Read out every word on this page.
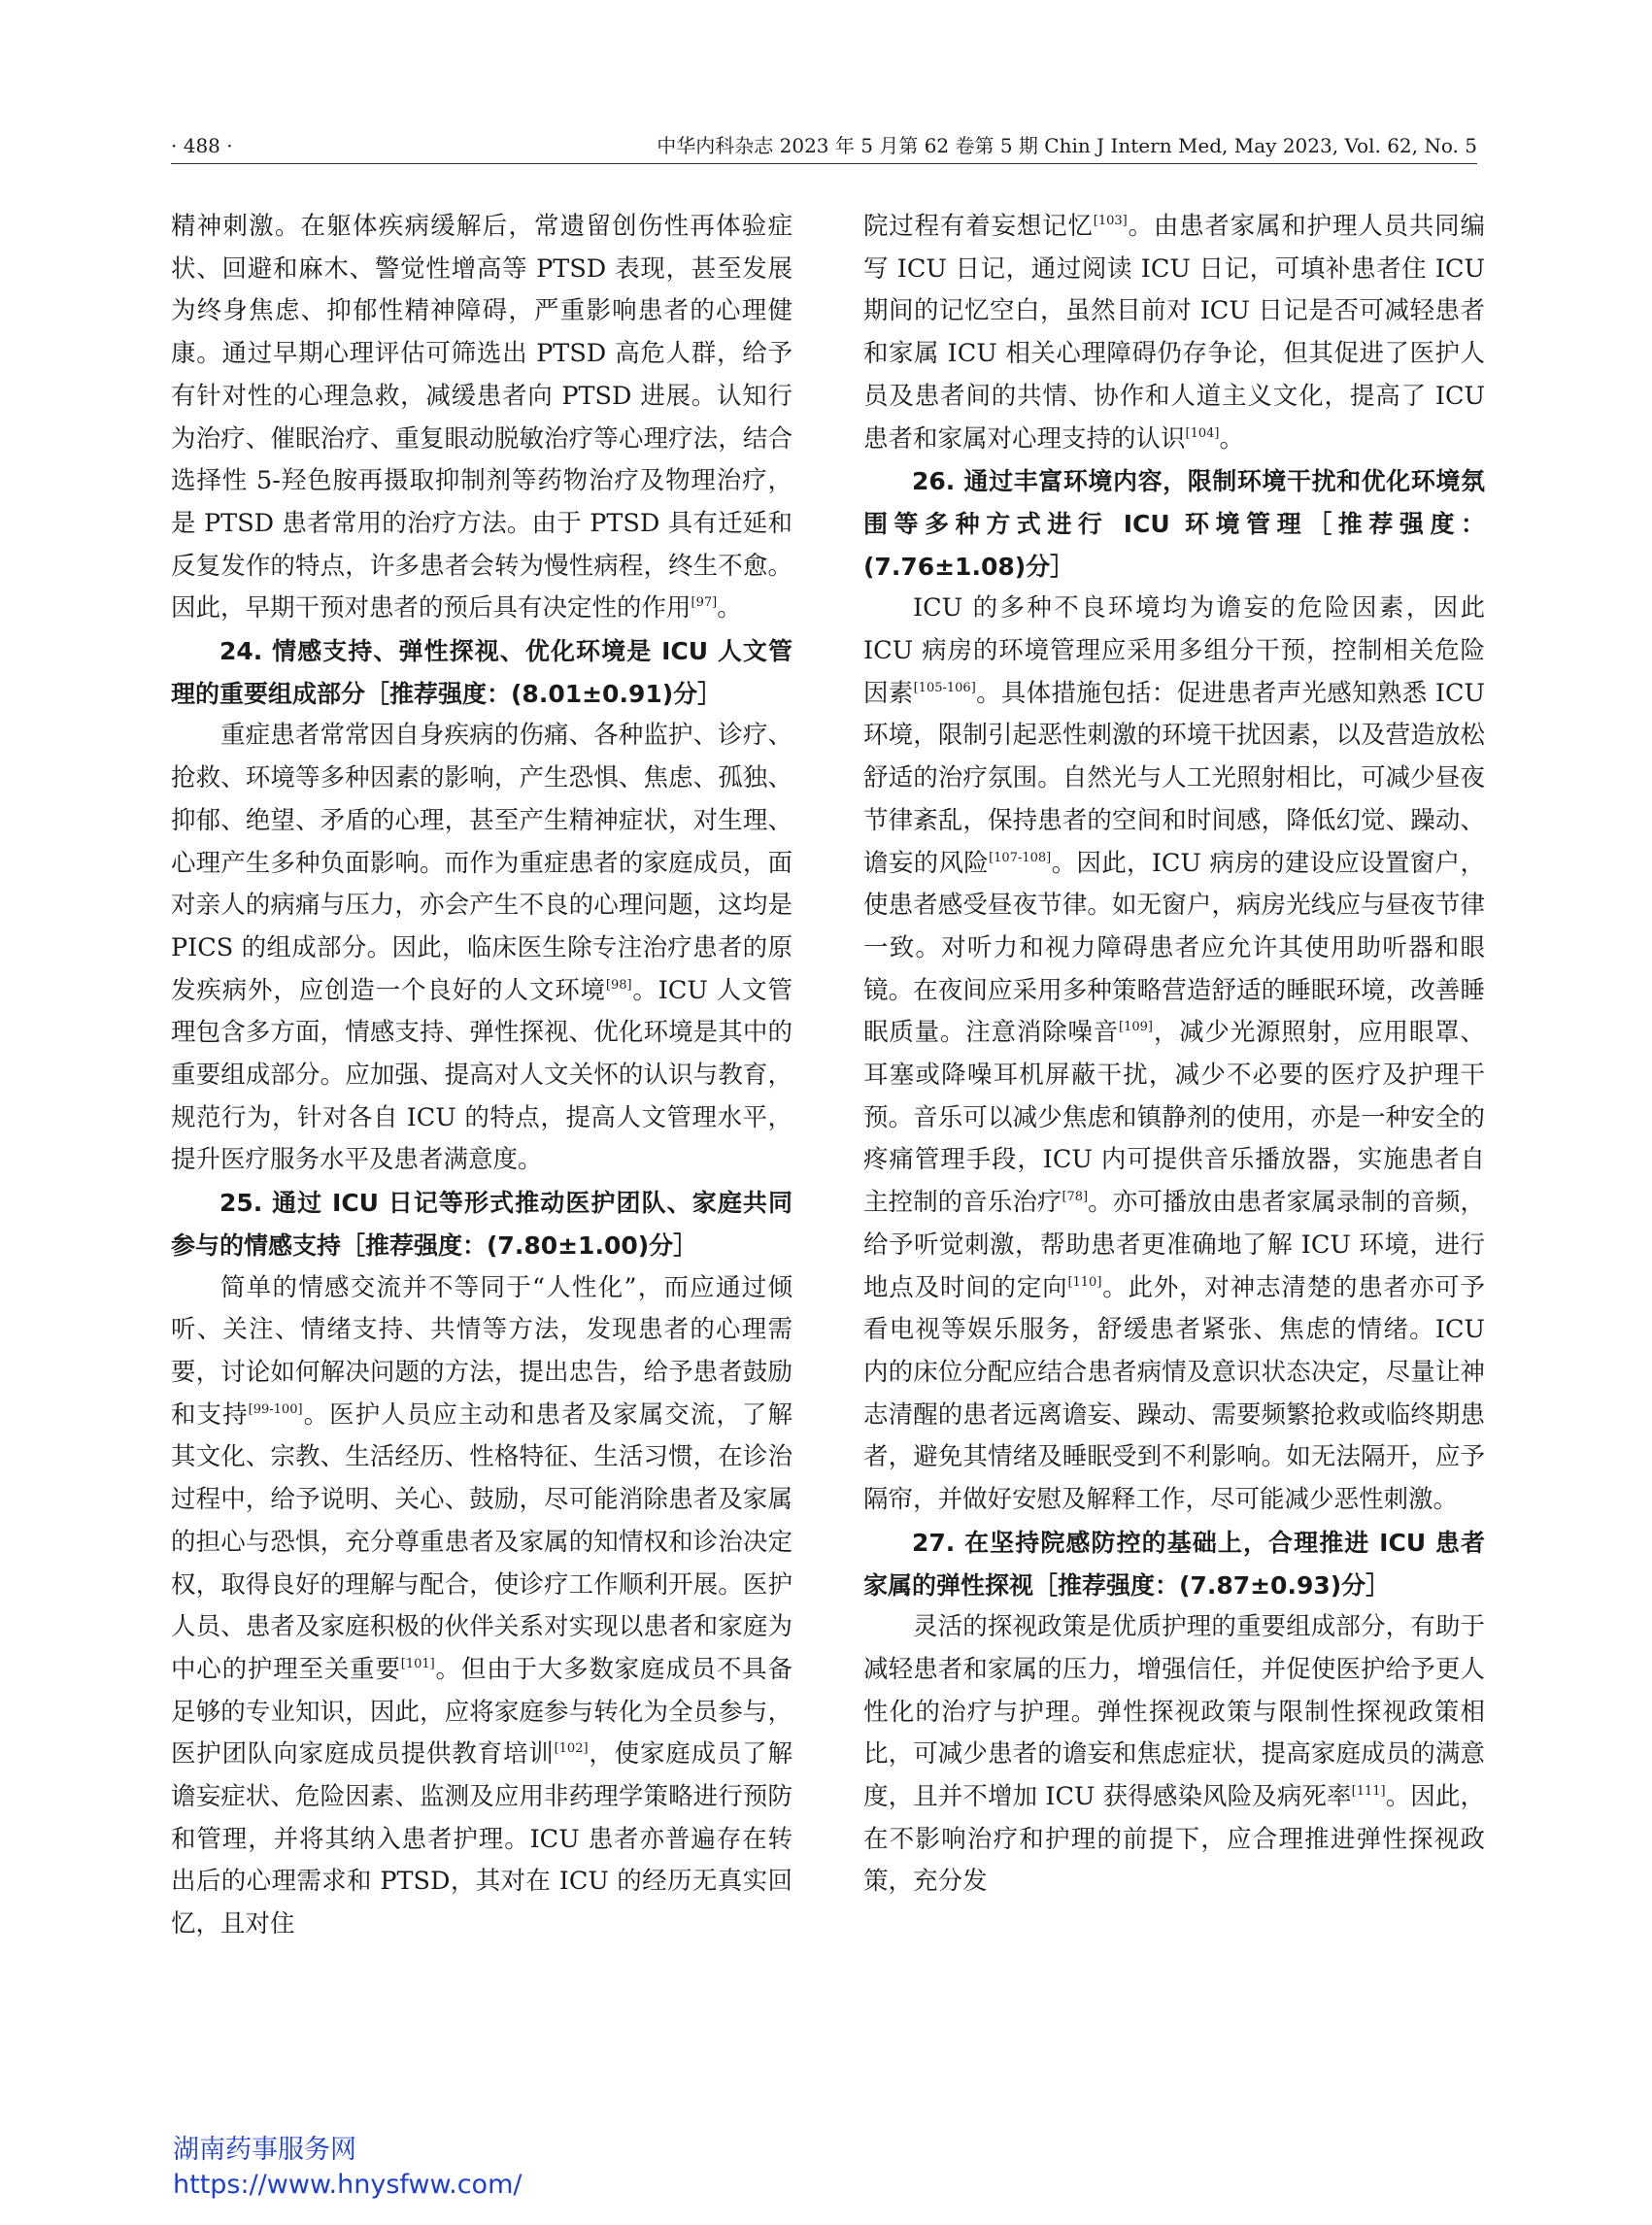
· 488 ·	中华内科杂志 2023 年 5 月第 62 卷第 5 期 Chin J Intern Med, May 2023, Vol. 62, No. 5

精神刺激。在躯体疾病缓解后，常遗留创伤性再体验症状、回避和麻木、警觉性增高等 PTSD 表现，甚至发展为终身焦虑、抑郁性精神障碍，严重影响患者的心理健康。通过早期心理评估可筛选出 PTSD 高危人群，给予有针对性的心理急救，减缓患者向 PTSD 进展。认知行为治疗、催眠治疗、重复眼动脱敏治疗等心理疗法，结合选择性 5-羟色胺再摄取抑制剂等药物治疗及物理治疗，是 PTSD 患者常用的治疗方法。由于 PTSD 具有迁延和反复发作的特点，许多患者会转为慢性病程，终生不愈。因此，早期干预对患者的预后具有决定性的作用[97]。

24. 情感支持、弹性探视、优化环境是 ICU 人文管理的重要组成部分［推荐强度：(8.01±0.91)分］

重症患者常常因自身疾病的伤痛、各种监护、诊疗、抢救、环境等多种因素的影响，产生恐惧、焦虑、孤独、抑郁、绝望、矛盾的心理，甚至产生精神症状，对生理、心理产生多种负面影响。而作为重症患者的家庭成员，面对亲人的病痛与压力，亦会产生不良的心理问题，这均是 PICS 的组成部分。因此，临床医生除专注治疗患者的原发疾病外，应创造一个良好的人文环境[98]。ICU 人文管理包含多方面，情感支持、弹性探视、优化环境是其中的重要组成部分。应加强、提高对人文关怀的认识与教育，规范行为，针对各自 ICU 的特点，提高人文管理水平，提升医疗服务水平及患者满意度。

25. 通过 ICU 日记等形式推动医护团队、家庭共同参与的情感支持［推荐强度：(7.80±1.00)分］

简单的情感交流并不等同于“人性化”，而应通过倾听、关注、情绪支持、共情等方法，发现患者的心理需要，讨论如何解决问题的方法，提出忠告，给予患者鼓励和支持[99-100]。医护人员应主动和患者及家属交流，了解其文化、宗教、生活经历、性格特征、生活习惯，在诊治过程中，给予说明、关心、鼓励，尽可能消除患者及家属的担心与恐惧，充分尊重患者及家属的知情权和诊治决定权，取得良好的理解与配合，使诊疗工作顺利开展。医护人员、患者及家庭积极的伙伴关系对实现以患者和家庭为中心的护理至关重要[101]。但由于大多数家庭成员不具备足够的专业知识，因此，应将家庭参与转化为全员参与，医护团队向家庭成员提供教育培训[102]，使家庭成员了解谵妄症状、危险因素、监测及应用非药理学策略进行预防和管理，并将其纳入患者护理。ICU 患者亦普遍存在转出后的心理需求和 PTSD，其对在 ICU 的经历无真实回忆，且对住

院过程有着妄想记忆[103]。由患者家属和护理人员共同编写 ICU 日记，通过阅读 ICU 日记，可填补患者住 ICU 期间的记忆空白，虽然目前对 ICU 日记是否可减轻患者和家属 ICU 相关心理障碍仍存争论，但其促进了医护人员及患者间的共情、协作和人道主义文化，提高了 ICU 患者和家属对心理支持的认识[104]。

26. 通过丰富环境内容，限制环境干扰和优化环境氛围等多种方式进行 ICU 环境管理［推荐强度：(7.76±1.08)分］

ICU 的多种不良环境均为谵妄的危险因素，因此 ICU 病房的环境管理应采用多组分干预，控制相关危险因素[105-106]。具体措施包括：促进患者声光感知熟悉 ICU 环境，限制引起恶性刺激的环境干扰因素，以及营造放松舒适的治疗氛围。自然光与人工光照射相比，可减少昼夜节律紊乱，保持患者的空间和时间感，降低幻觉、躁动、谵妄的风险[107-108]。因此，ICU 病房的建设应设置窗户，使患者感受昼夜节律。如无窗户，病房光线应与昼夜节律一致。对听力和视力障碍患者应允许其使用助听器和眼镜。在夜间应采用多种策略营造舒适的睡眠环境，改善睡眠质量。注意消除噪音[109]，减少光源照射，应用眼罩、耳塞或降噪耳机屏蔽干扰，减少不必要的医疗及护理干预。音乐可以减少焦虑和镇静剂的使用，亦是一种安全的疼痛管理手段，ICU 内可提供音乐播放器，实施患者自主控制的音乐治疗[78]。亦可播放由患者家属录制的音频，给予听觉刺激，帮助患者更准确地了解 ICU 环境，进行地点及时间的定向[110]。此外，对神志清楚的患者亦可予看电视等娱乐服务，舒缓患者紧张、焦虑的情绪。ICU 内的床位分配应结合患者病情及意识状态决定，尽量让神志清醒的患者远离谵妄、躁动、需要频繁抢救或临终期患者，避免其情绪及睡眠受到不利影响。如无法隔开，应予隔帘，并做好安慰及解释工作，尽可能减少恶性刺激。

27. 在坚持院感防控的基础上，合理推进 ICU 患者家属的弹性探视［推荐强度：(7.87±0.93)分］

灵活的探视政策是优质护理的重要组成部分，有助于减轻患者和家属的压力，增强信任，并促使医护给予更人性化的治疗与护理。弹性探视政策与限制性探视政策相比，可减少患者的谵妄和焦虑症状，提高家庭成员的满意度，且并不增加 ICU 获得感染风险及病死率[111]。因此，在不影响治疗和护理的前提下，应合理推进弹性探视政策，充分发

湖南药事服务网
https://www.hnysfww.com/
